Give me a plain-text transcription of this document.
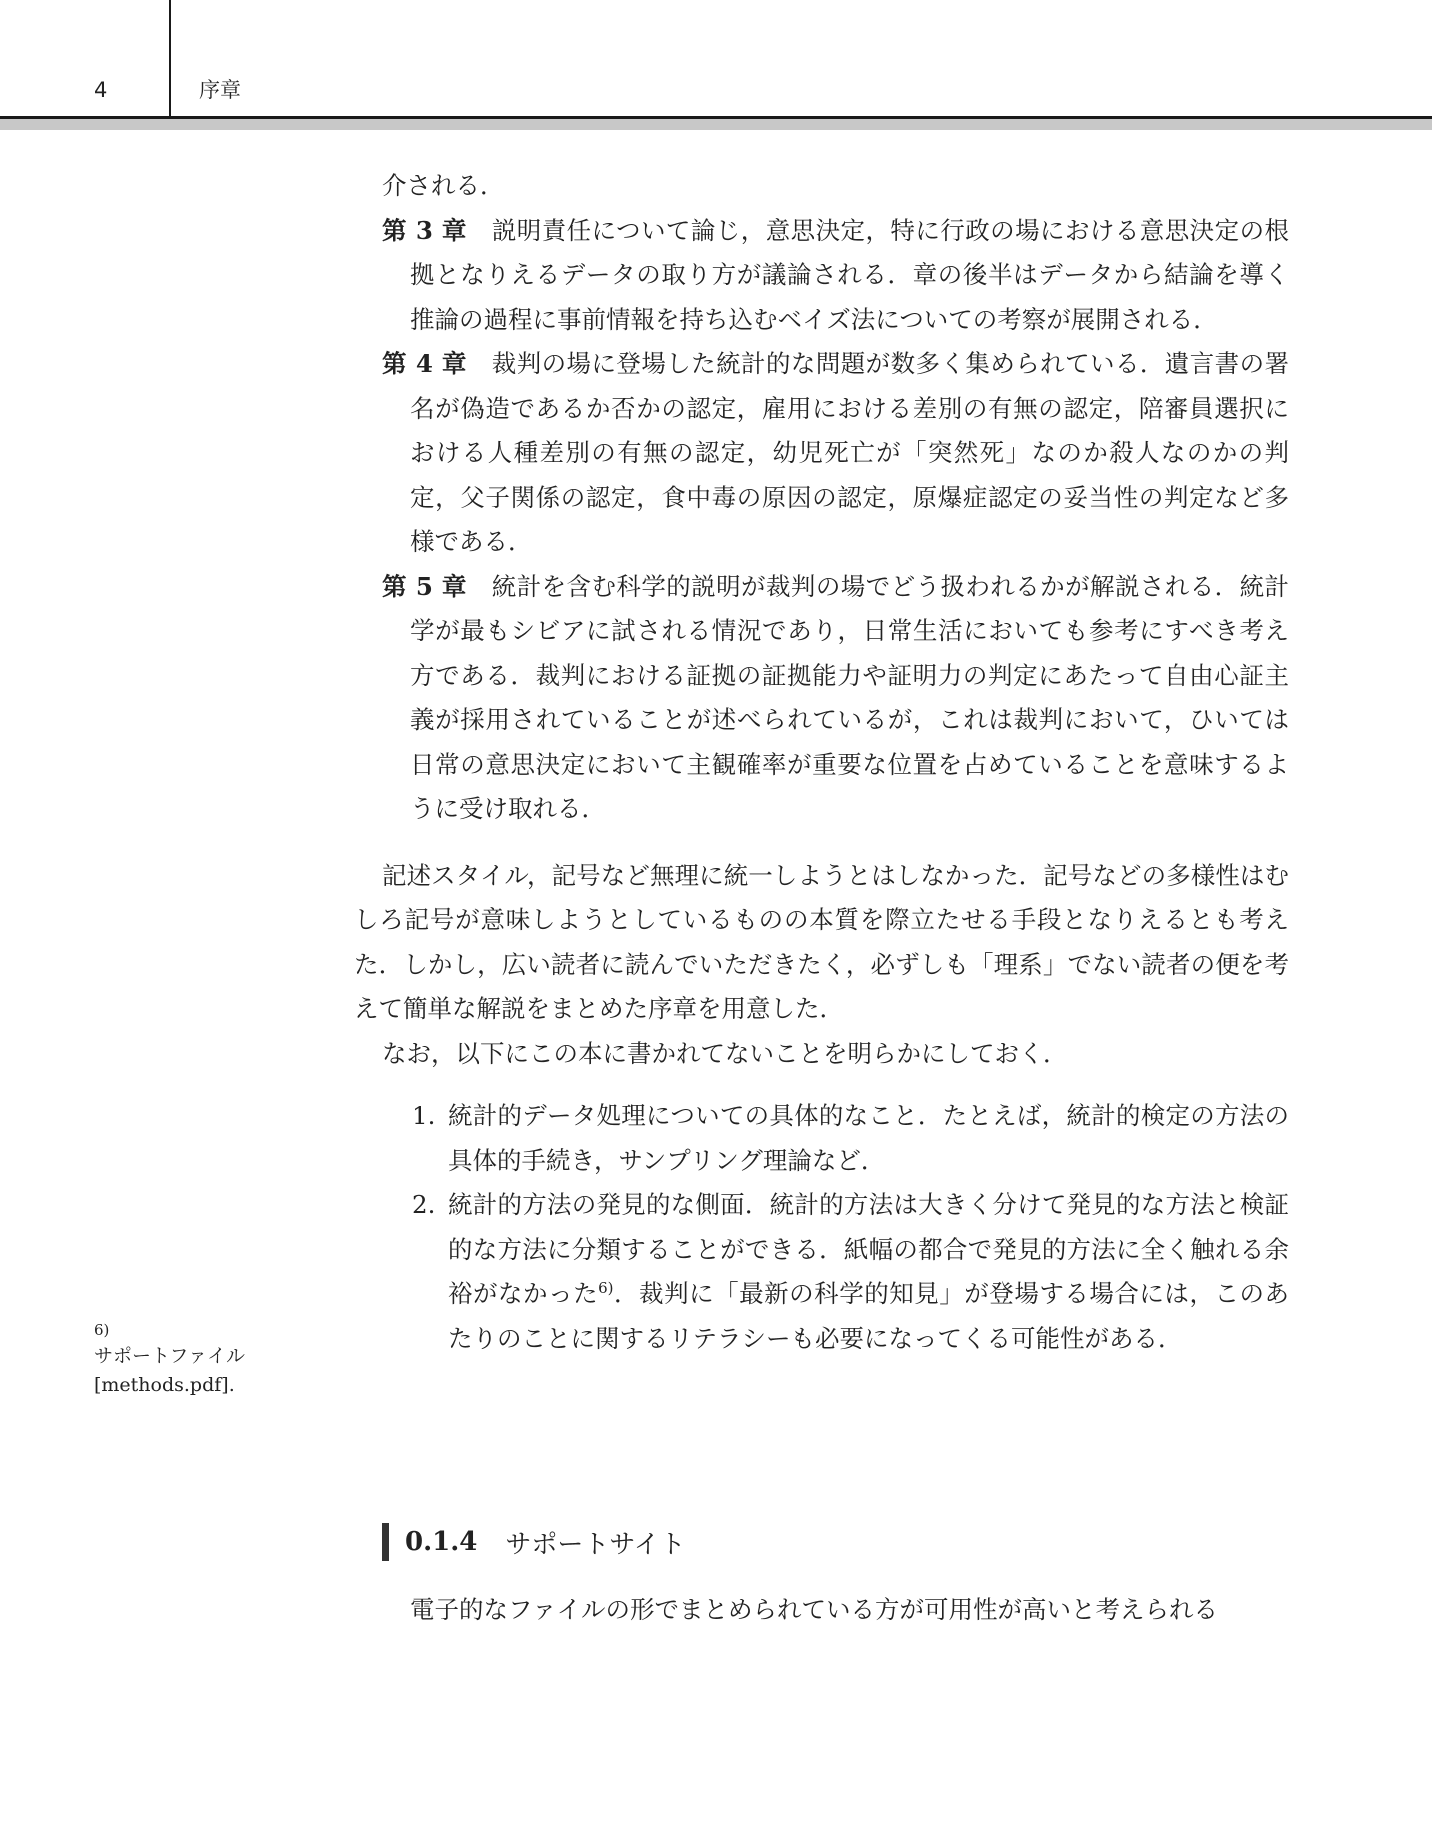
4	序章

介される．

第 3 章　 説明責任について論じ，意思決定，特に行政の場における意思決定の根拠となりえるデータの取り方が議論される．章の後半はデータから結論を導く推論の過程に事前情報を持ち込むベイズ法についての考察が展開される．

第 4 章　 裁判の場に登場した統計的な問題が数多く集められている．遺言書の署名が偽造であるか否かの認定，雇用における差別の有無の認定，陪審員選択における人種差別の有無の認定，幼児死亡が「突然死」なのか殺人なのかの判定，父子関係の認定，食中毒の原因の認定，原爆症認定の妥当性の判定など多様である．

第 5 章　 統計を含む科学的説明が裁判の場でどう扱われるかが解説される．統計学が最もシビアに試される情況であり，日常生活においても参考にすべき考え方である．裁判における証拠の証拠能力や証明力の判定にあたって自由心証主義が採用されていることが述べられているが，これは裁判において，ひいては日常の意思決定において主観確率が重要な位置を占めていることを意味するように受け取れる．

記述スタイル，記号など無理に統一しようとはしなかった．記号などの多様性はむしろ記号が意味しようとしているものの本質を際立たせる手段となりえるとも考えた．しかし，広い読者に読んでいただきたく，必ずしも「理系」でない読者の便を考えて簡単な解説をまとめた序章を用意した．

なお，以下にこの本に書かれてないことを明らかにしておく．

1. 統計的データ処理についての具体的なこと．たとえば，統計的検定の方法の具体的手続き，サンプリング理論など．
2. 統計的方法の発見的な側面．統計的方法は大きく分けて発見的な方法と検証的な方法に分類することができる．紙幅の都合で発見的方法に全く触れる余裕がなかった$^{6)}$．裁判に「最新の科学的知見」が登場する場合には，このあたりのことに関するリテラシーも必要になってくる可能性がある．
6)
サポートファイル [methods.pdf].
0.1.4 サポートサイト

電子的なファイルの形でまとめられている方が可用性が高いと考えられる
